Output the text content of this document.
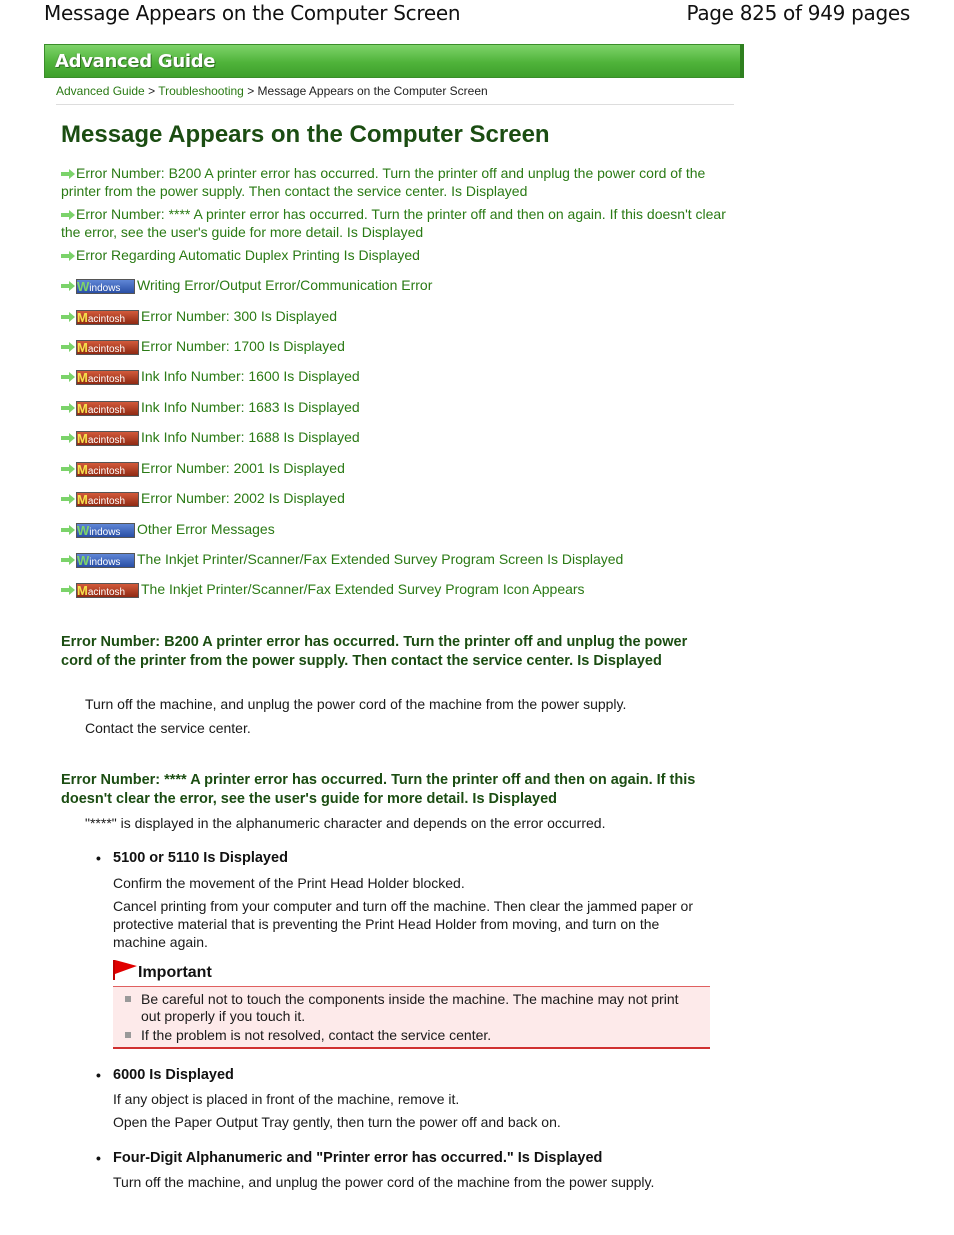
Message Appears on the Computer Screen	Page 825 of 949 pages
Advanced Guide
Advanced Guide > Troubleshooting > Message Appears on the Computer Screen
Message Appears on the Computer Screen
Error Number: B200 A printer error has occurred. Turn the printer off and unplug the power cord of the printer from the power supply. Then contact the service center. Is Displayed
Error Number: **** A printer error has occurred. Turn the printer off and then on again. If this doesn't clear the error, see the user's guide for more detail. Is Displayed
Error Regarding Automatic Duplex Printing Is Displayed
Windows Writing Error/Output Error/Communication Error
Macintosh Error Number: 300 Is Displayed
Macintosh Error Number: 1700 Is Displayed
Macintosh Ink Info Number: 1600 Is Displayed
Macintosh Ink Info Number: 1683 Is Displayed
Macintosh Ink Info Number: 1688 Is Displayed
Macintosh Error Number: 2001 Is Displayed
Macintosh Error Number: 2002 Is Displayed
Windows Other Error Messages
Windows The Inkjet Printer/Scanner/Fax Extended Survey Program Screen Is Displayed
Macintosh The Inkjet Printer/Scanner/Fax Extended Survey Program Icon Appears
Error Number: B200 A printer error has occurred. Turn the printer off and unplug the power cord of the printer from the power supply. Then contact the service center. Is Displayed

Turn off the machine, and unplug the power cord of the machine from the power supply.

Contact the service center.

Error Number: **** A printer error has occurred. Turn the printer off and then on again. If this doesn't clear the error, see the user's guide for more detail. Is Displayed

"****" is displayed in the alphanumeric character and depends on the error occurred.

• 5100 or 5110 Is Displayed

Confirm the movement of the Print Head Holder blocked.

Cancel printing from your computer and turn off the machine. Then clear the jammed paper or protective material that is preventing the Print Head Holder from moving, and turn on the machine again.

Important
Be careful not to touch the components inside the machine. The machine may not print out properly if you touch it.
If the problem is not resolved, contact the service center.
• 6000 Is Displayed

If any object is placed in front of the machine, remove it.

Open the Paper Output Tray gently, then turn the power off and back on.

• Four-Digit Alphanumeric and "Printer error has occurred." Is Displayed

Turn off the machine, and unplug the power cord of the machine from the power supply.
